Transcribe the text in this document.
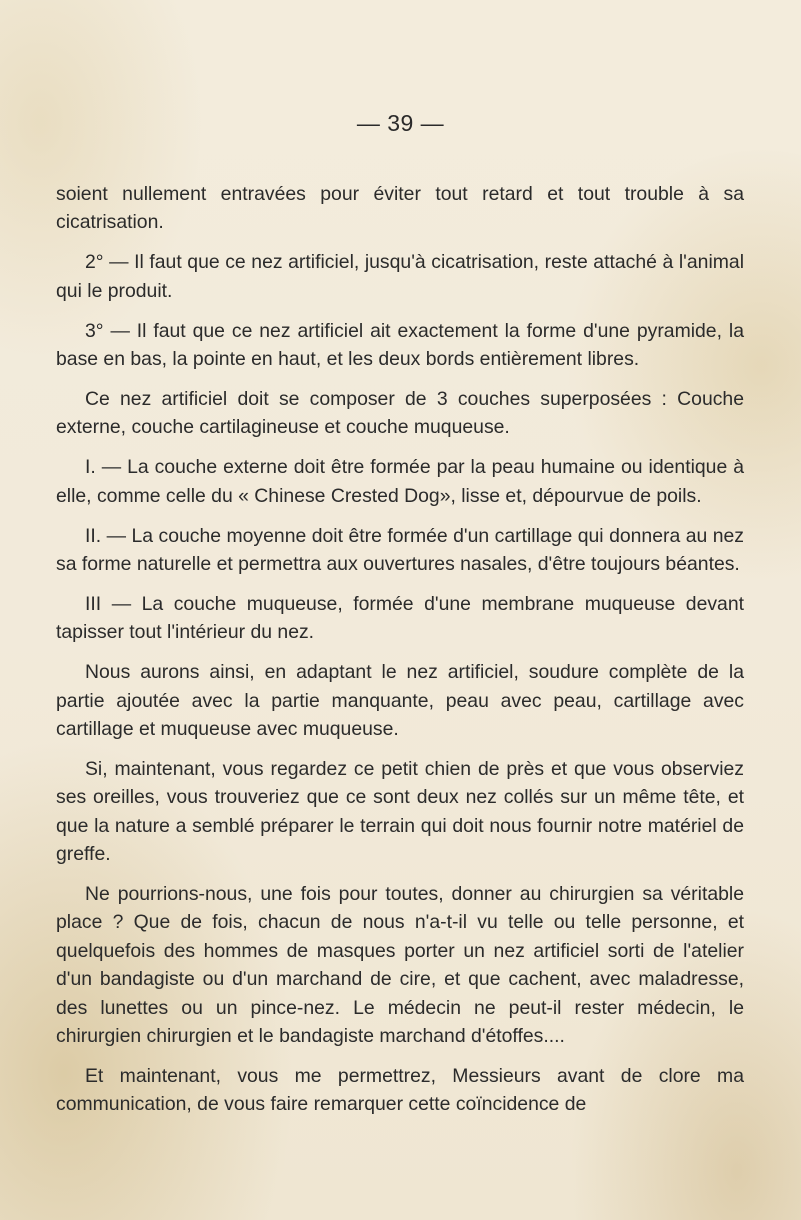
— 39 —

soient nullement entravées pour éviter tout retard et tout trouble à sa cicatrisation.

2° — Il faut que ce nez artificiel, jusqu'à cicatrisation, reste attaché à l'animal qui le produit.

3° — Il faut que ce nez artificiel ait exactement la forme d'une pyramide, la base en bas, la pointe en haut, et les deux bords entièrement libres.

Ce nez artificiel doit se composer de 3 couches superposées : Couche externe, couche cartilagineuse et couche muqueuse.

I. — La couche externe doit être formée par la peau humaine ou identique à elle, comme celle du « Chinese Crested Dog», lisse et, dépourvue de poils.

II. — La couche moyenne doit être formée d'un cartillage qui donnera au nez sa forme naturelle et permettra aux ouvertures nasales, d'être toujours béantes.

III — La couche muqueuse, formée d'une membrane muqueuse devant tapisser tout l'intérieur du nez.

Nous aurons ainsi, en adaptant le nez artificiel, soudure complète de la partie ajoutée avec la partie manquante, peau avec peau, cartillage avec cartillage et muqueuse avec muqueuse.

Si, maintenant, vous regardez ce petit chien de près et que vous observiez ses oreilles, vous trouveriez que ce sont deux nez collés sur un même tête, et que la nature a semblé préparer le terrain qui doit nous fournir notre matériel de greffe.

Ne pourrions-nous, une fois pour toutes, donner au chirurgien sa véritable place ? Que de fois, chacun de nous n'a-t-il vu telle ou telle personne, et quelquefois des hommes de masques porter un nez artificiel sorti de l'atelier d'un bandagiste ou d'un marchand de cire, et que cachent, avec maladresse, des lunettes ou un pince-nez. Le médecin ne peut-il rester médecin, le chirurgien chirurgien et le bandagiste marchand d'étoffes....

Et maintenant, vous me permettrez, Messieurs avant de clore ma communication, de vous faire remarquer cette coïncidence de
